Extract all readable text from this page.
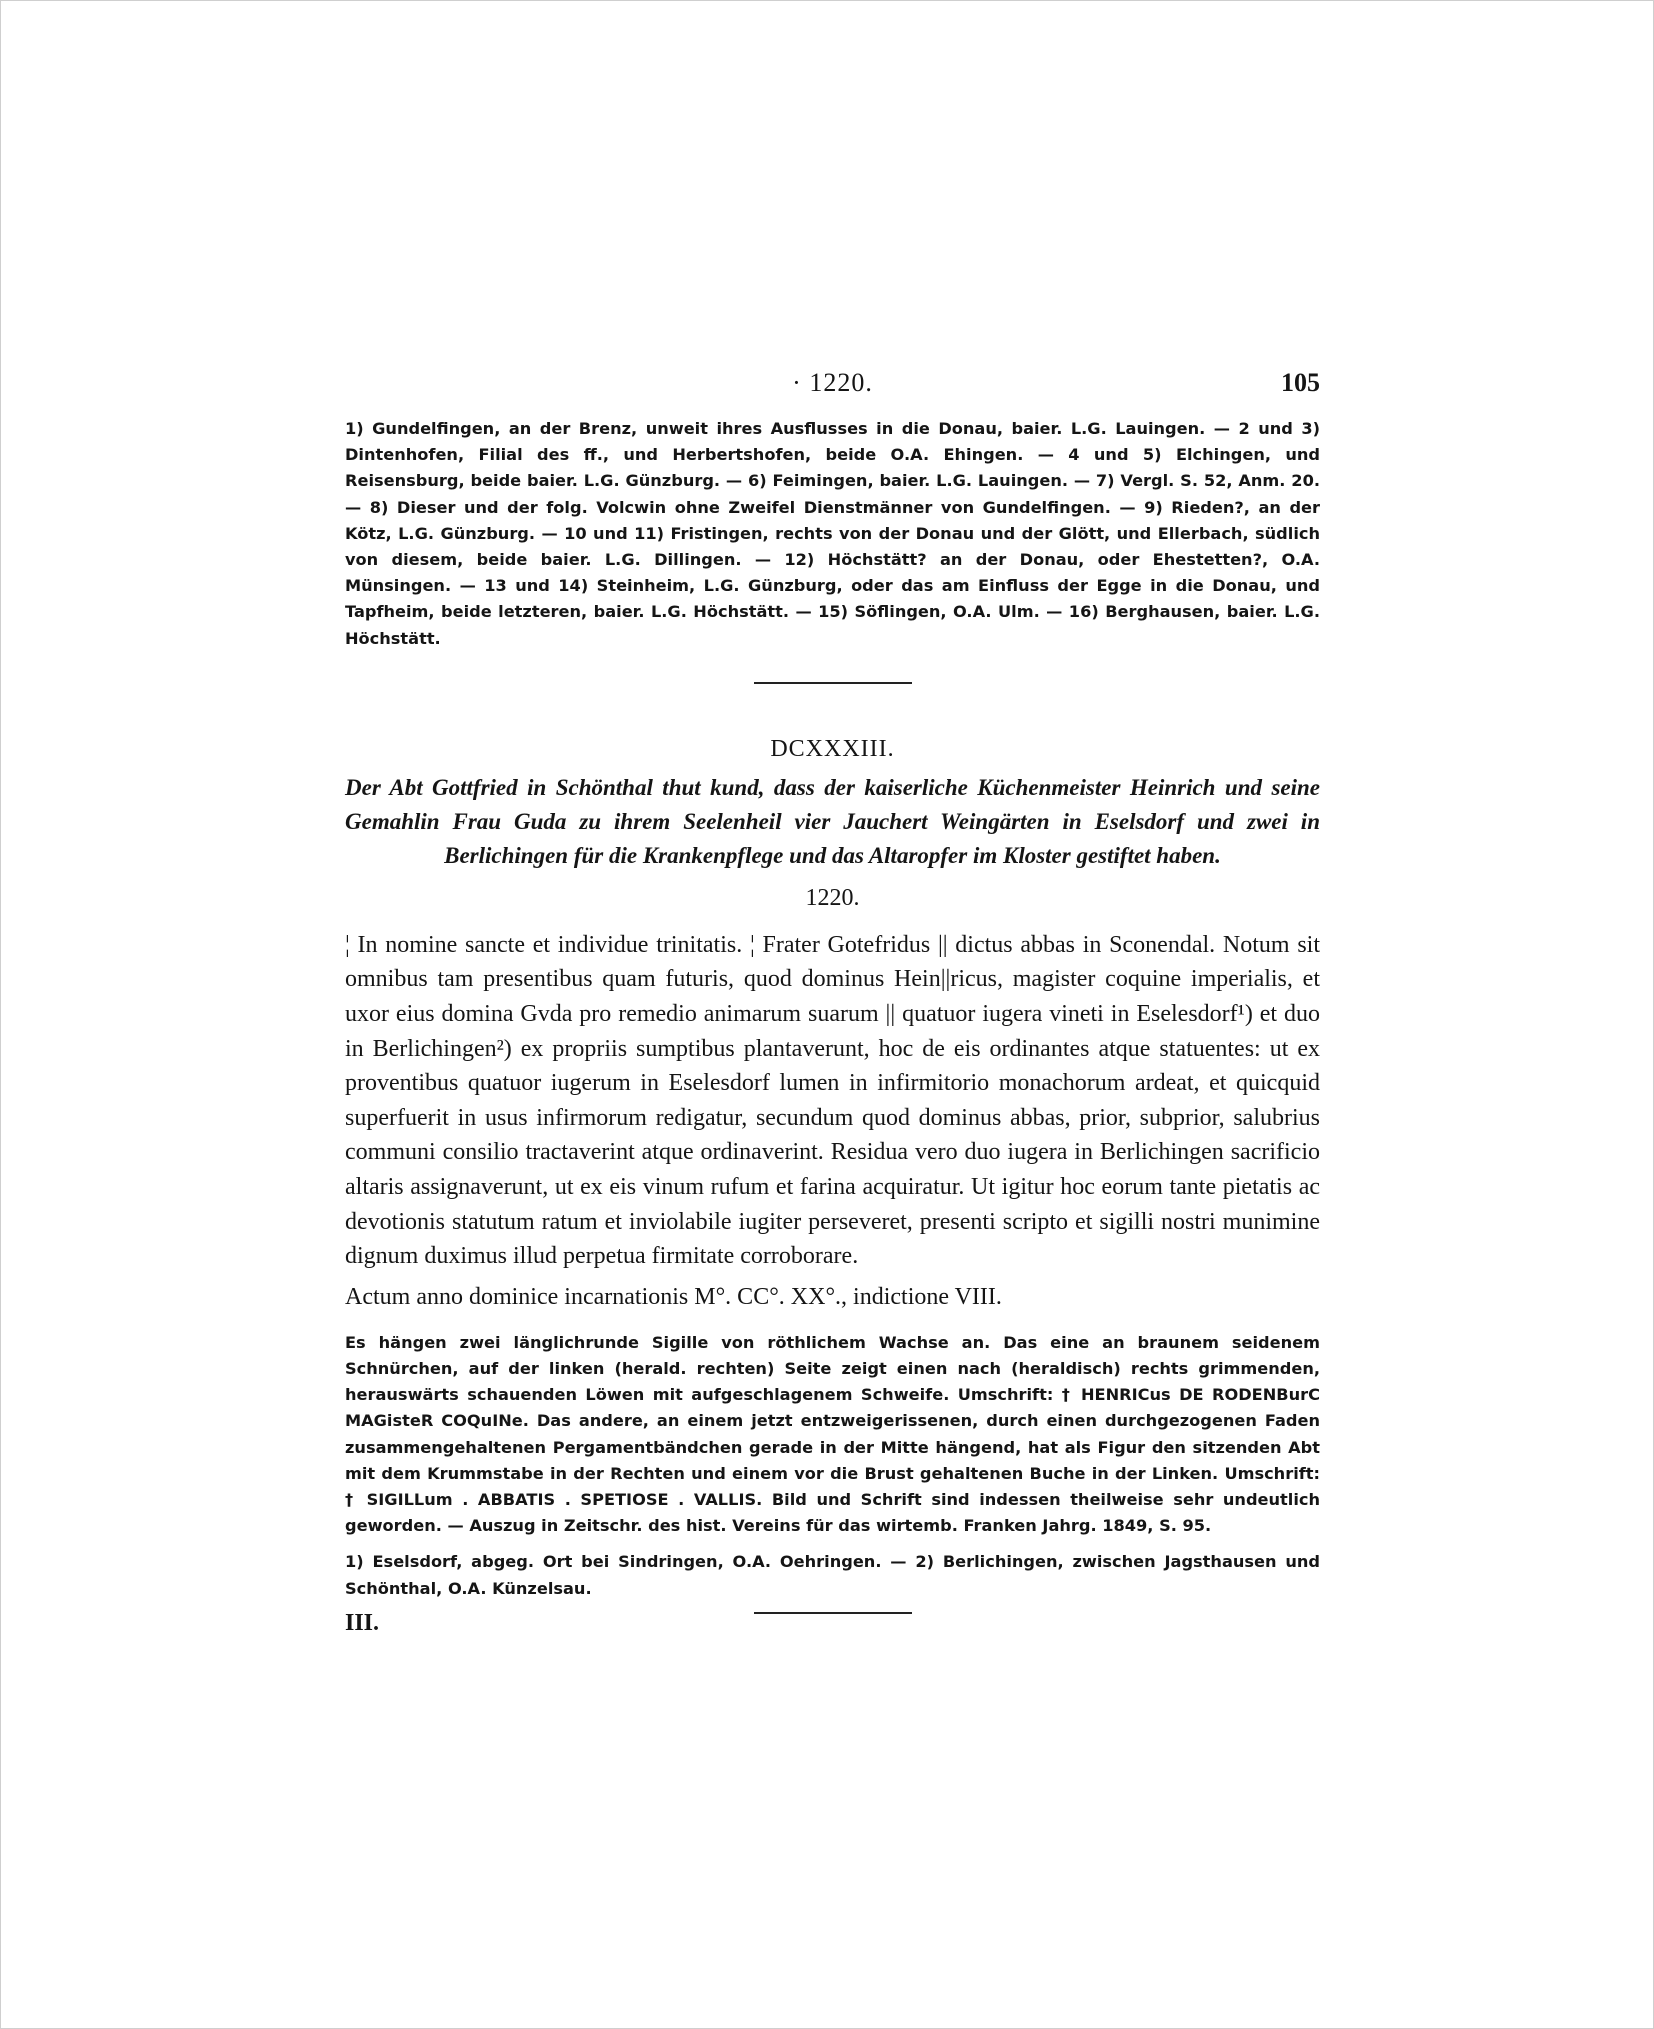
· 1220.	105

1) Gundelfingen, an der Brenz, unweit ihres Ausflusses in die Donau, baier. L.G. Lauingen. — 2 und 3) Dintenhofen, Filial des ff., und Herbertshofen, beide O.A. Ehingen. — 4 und 5) Elchingen, und Reisensburg, beide baier. L.G. Günzburg. — 6) Feimingen, baier. L.G. Lauingen. — 7) Vergl. S. 52, Anm. 20. — 8) Dieser und der folg. Volcwin ohne Zweifel Dienstmänner von Gundelfingen. — 9) Rieden?, an der Kötz, L.G. Günzburg. — 10 und 11) Fristingen, rechts von der Donau und der Glött, und Ellerbach, südlich von diesem, beide baier. L.G. Dillingen. — 12) Höchstätt? an der Donau, oder Ehestetten?, O.A. Münsingen. — 13 und 14) Steinheim, L.G. Günzburg, oder das am Einfluss der Egge in die Donau, und Tapfheim, beide letzteren, baier. L.G. Höchstätt. — 15) Söflingen, O.A. Ulm. — 16) Berghausen, baier. L.G. Höchstätt.

DCXXXIII.

Der Abt Gottfried in Schönthal thut kund, dass der kaiserliche Küchenmeister Heinrich und seine Gemahlin Frau Guda zu ihrem Seelenheil vier Jauchert Weingärten in Eselsdorf und zwei in Berlichingen für die Krankenpflege und das Altaropfer im Kloster gestiftet haben.

1220.

¦ In nomine sancte et individue trinitatis. ¦ Frater Gotefridus || dictus abbas in Sconendal. Notum sit omnibus tam presentibus quam futuris, quod dominus Hein||ricus, magister coquine imperialis, et uxor eius domina Gvda pro remedio animarum suarum || quatuor iugera vineti in Eselesdorf¹) et duo in Berlichingen²) ex propriis sumptibus plantaverunt, hoc de eis ordinantes atque statuentes: ut ex proventibus quatuor iugerum in Eselesdorf lumen in infirmitorio monachorum ardeat, et quicquid superfuerit in usus infirmorum redigatur, secundum quod dominus abbas, prior, subprior, salubrius communi consilio tractaverint atque ordinaverint. Residua vero duo iugera in Berlichingen sacrificio altaris assignaverunt, ut ex eis vinum rufum et farina acquiratur. Ut igitur hoc eorum tante pietatis ac devotionis statutum ratum et inviolabile iugiter perseveret, presenti scripto et sigilli nostri munimine dignum duximus illud perpetua firmitate corroborare.

Actum anno dominice incarnationis M°. CC°. XX°., indictione VIII.

Es hängen zwei länglichrunde Sigille von röthlichem Wachse an. Das eine an braunem seidenem Schnürchen, auf der linken (herald. rechten) Seite zeigt einen nach (heraldisch) rechts grimmenden, herauswärts schauenden Löwen mit aufgeschlagenem Schweife. Umschrift: † HENRICus DE RODENBurC MAGisteR COQuINe. Das andere, an einem jetzt entzweigerissenen, durch einen durchgezogenen Faden zusammengehaltenen Pergamentbändchen gerade in der Mitte hängend, hat als Figur den sitzenden Abt mit dem Krummstabe in der Rechten und einem vor die Brust gehaltenen Buche in der Linken. Umschrift: † SIGILLum . ABBATIS . SPETIOSE . VALLIS. Bild und Schrift sind indessen theilweise sehr undeutlich geworden. — Auszug in Zeitschr. des hist. Vereins für das wirtemb. Franken Jahrg. 1849, S. 95.

1) Eselsdorf, abgeg. Ort bei Sindringen, O.A. Oehringen. — 2) Berlichingen, zwischen Jagsthausen und Schönthal, O.A. Künzelsau.

III.
